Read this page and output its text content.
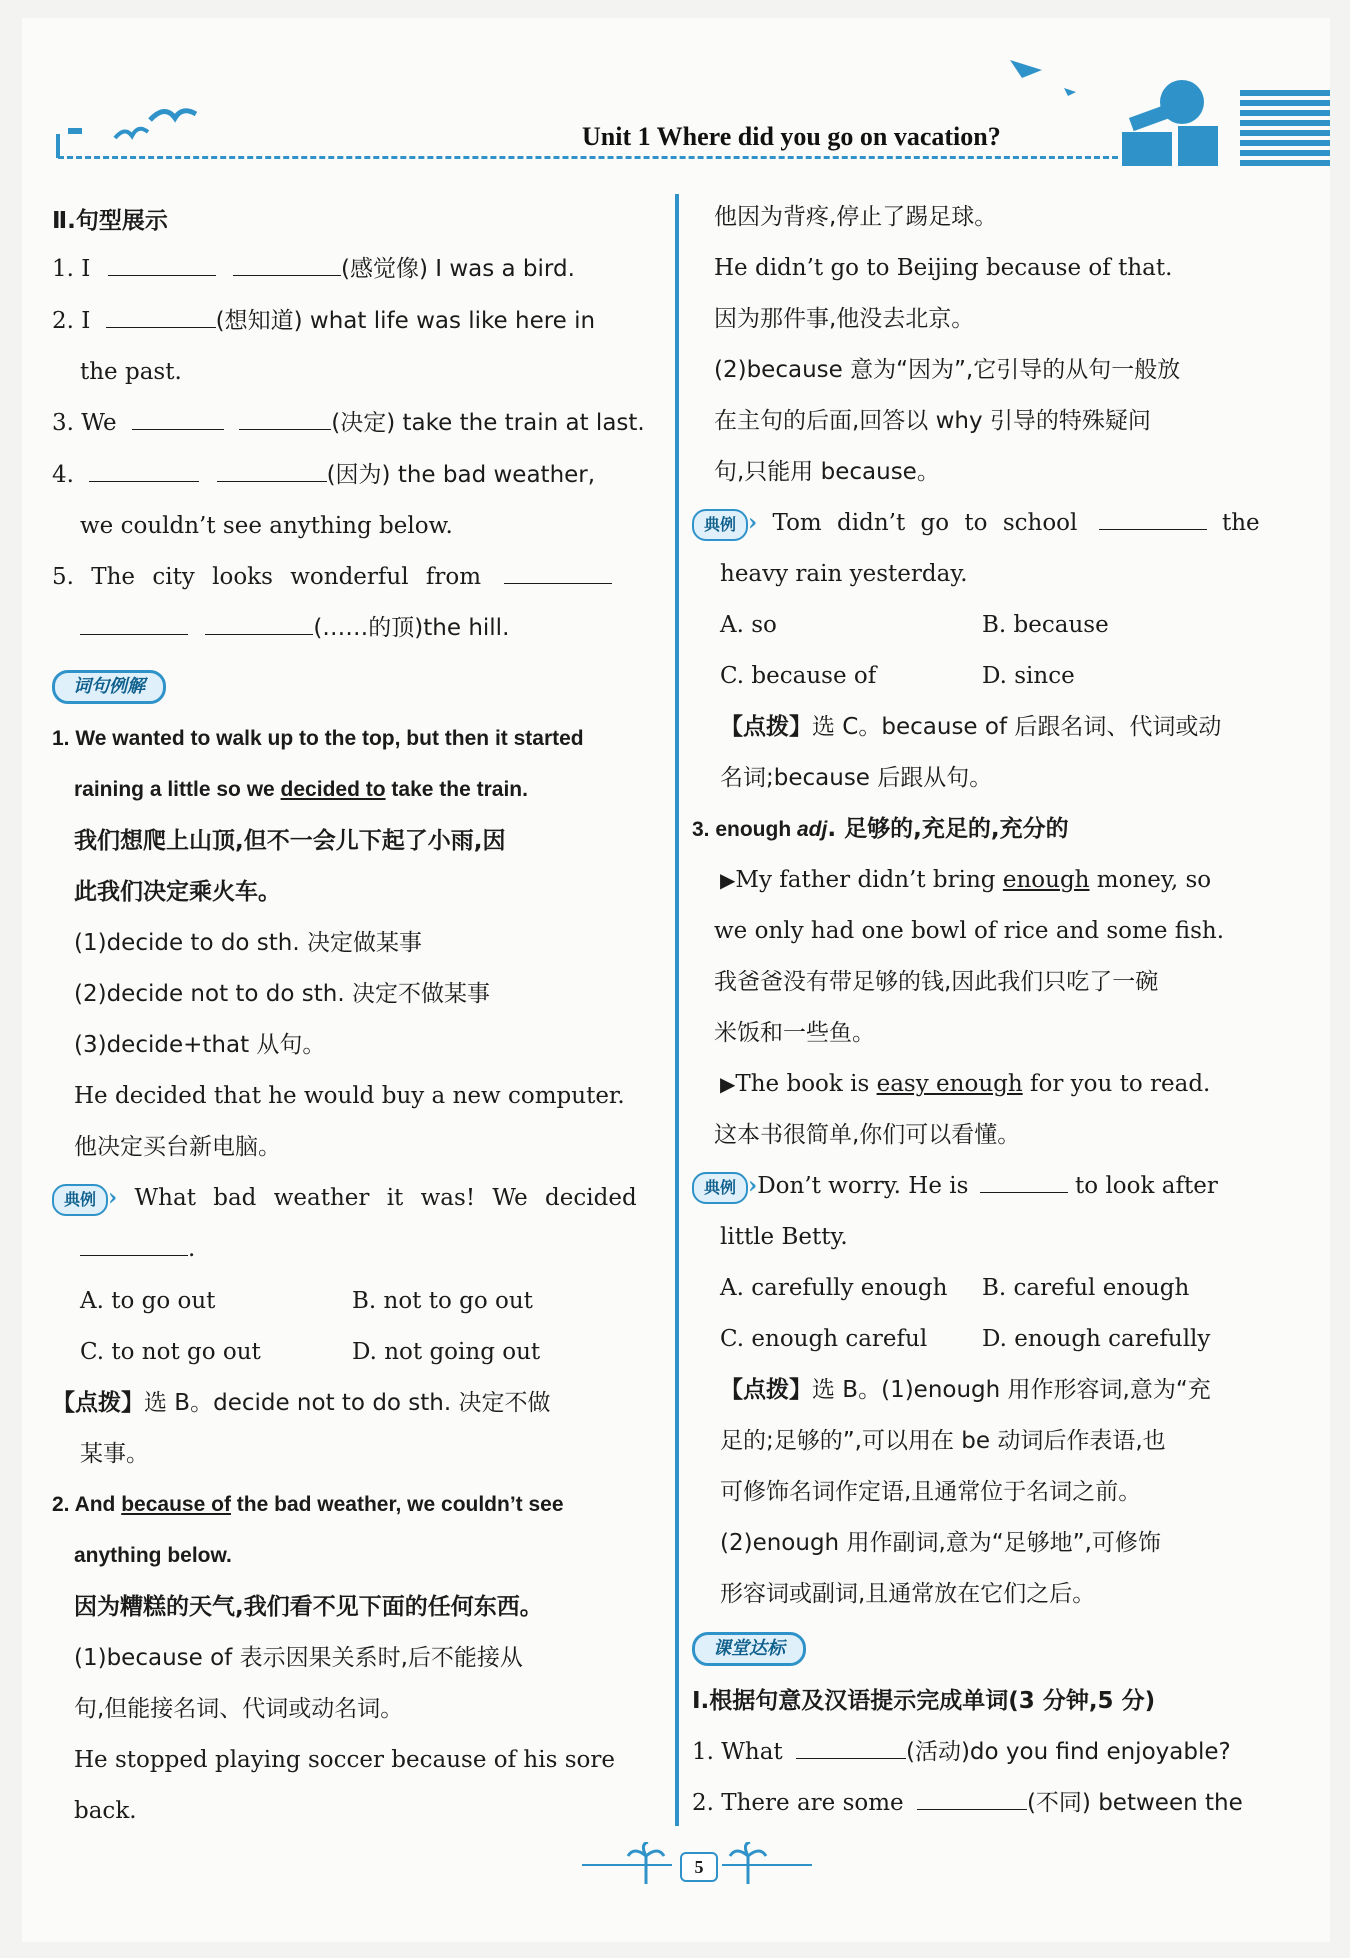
Unit 1 Where did you go on vacation?
Ⅱ.句型展示
1. I	(感觉像) I was a bird.
2. I	(想知道) what life was like here in
the past.
3. We	(决定) take the train at last.
4.	(因为) the bad weather,
we couldn’t see anything below.
5. The city looks wonderful from
(……的顶)the hill.
词句例解
1. We wanted to walk up to the top, but then it started
raining a little so we decided to take the train.
我们想爬上山顶,但不一会儿下起了小雨,因
此我们决定乘火车。
(1)decide to do sth. 决定做某事
(2)decide not to do sth. 决定不做某事
(3)decide+that 从句。
He decided that he would buy a new computer.
他决定买台新电脑。
典例 › What bad weather it was! We decided
.
A. to go out	B. not to go out
C. to not go out	D. not going out
【点拨】选 B。decide not to do sth. 决定不做
某事。
2. And because of the bad weather, we couldn’t see
anything below.
因为糟糕的天气,我们看不见下面的任何东西。
(1)because of 表示因果关系时,后不能接从
句,但能接名词、代词或动名词。
He stopped playing soccer because of his sore
back.
他因为背疼,停止了踢足球。
He didn’t go to Beijing because of that.
因为那件事,他没去北京。
(2)because 意为“因为”,它引导的从句一般放
在主句的后面,回答以 why 引导的特殊疑问
句,只能用 because。
典例 › Tom didn’t go to school	the
heavy rain yesterday.
A. so	B. because
C. because of	D. since
【点拨】选 C。because of 后跟名词、代词或动
名词;because 后跟从句。
3. enough adj. 足够的,充足的,充分的
▶My father didn’t bring enough money, so
we only had one bowl of rice and some fish.
我爸爸没有带足够的钱,因此我们只吃了一碗
米饭和一些鱼。
▶The book is easy enough for you to read.
这本书很简单,你们可以看懂。
典例 ›Don’t worry. He is	to look after
little Betty.
A. carefully enough B. careful enough
C. enough careful D. enough carefully
【点拨】选 B。(1)enough 用作形容词,意为“充
足的;足够的”,可以用在 be 动词后作表语,也
可修饰名词作定语,且通常位于名词之前。
(2)enough 用作副词,意为“足够地”,可修饰
形容词或副词,且通常放在它们之后。
课堂达标
Ⅰ.根据句意及汉语提示完成单词(3 分钟,5 分)
1. What	(活动)do you find enjoyable?
2. There are some	(不同) between the
5
